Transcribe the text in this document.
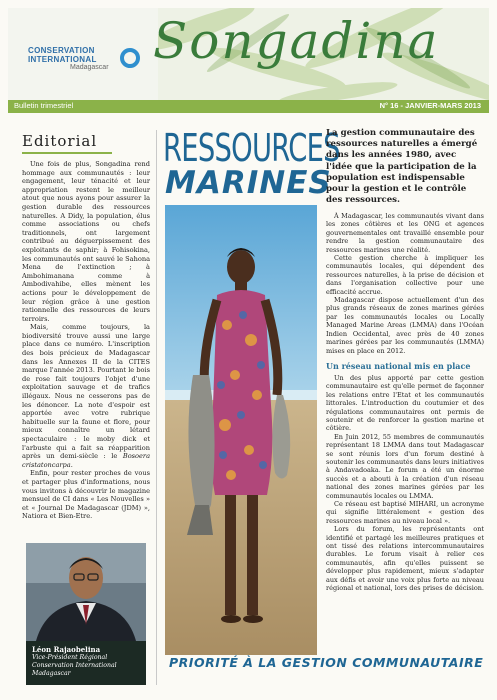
CONSERVATION
INTERNATIONAL
Madagascar Songadina
Bulletin trimestriel	N° 16 - JANVIER-MARS 2013
Editorial

Une fois de plus, Songadina rend hommage aux communautés : leur engagement, leur ténacité et leur appropriation restent le meilleur atout que nous ayons pour assurer la gestion durable des ressources naturelles. A Didy, la population, élus comme associations ou chefs traditionnels, ont largement contribué au déguerpissement des exploitants de saphir; à Fohisokina, les communautés ont sauvé le Sahona Mena de l'extinction ; à Ambohimanana comme à Ambodivahibe, elles mènent les actions pour le développement de leur région grâce à une gestion rationnelle des ressources de leurs terroirs.

Mais, comme toujours, la biodiversité trouve aussi une large place dans ce numéro. L'inscription des bois précieux de Madagascar dans les Annexes II de la CITES marque l'année 2013. Pourtant le bois de rose fait toujours l'objet d'une exploitation sauvage et de trafics illégaux. Nous ne cesserons pas de les dénoncer. La note d'espoir est apportée avec votre rubrique habituelle sur la faune et flore, pour mieux connaître un létard spectaculaire : le moby dick et l'arbuste qui a fait sa réapparition après un demi-siècle : le Bosoera cristatoncarpa.

Enfin, pour rester proches de vous et partager plus d'informations, nous vous invitons à découvrir le magazine mensuel de CI dans « Les Nouvelles » et « Journal De Madagascar (JDM) », Natiora et Bien-Etre.

Léon Rajaobelina
Vice-Président Régional
Conservation International Madagascar
RESSOURCES
MARINES
La gestion communautaire des ressources naturelles a émergé dans les années 1980, avec l'idée que la participation de la population est indispensable pour la gestion et le contrôle des ressources.

À Madagascar, les communautés vivant dans les zones côtières et les ONG et agences gouvernementales ont travaillé ensemble pour rendre la gestion communautaire des ressources marines une réalité.

Cette gestion cherche à impliquer les communautés locales, qui dépendent des ressources naturelles, à la prise de décision et dans l'organisation collective pour une efficacité accrue.

Madagascar dispose actuellement d'un des plus grands réseaux de zones marines gérées par les communautés locales ou Locally Managed Marine Areas (LMMA) dans l'Océan Indien Occidental, avec près de 40 zones marines gérées par les communautés (LMMA) mises en place en 2012.

Un réseau national mis en place

Un des plus apporté par cette gestion communautaire est qu'elle permet de façonner les relations entre l'Etat et les communautés littorales. L'introduction du coutumier et des régulations communautaires ont permis de soutenir et de renforcer la gestion marine et côtière.

En Juin 2012, 55 membres de communautés représentant 18 LMMA dans tout Madagascar se sont réunis lors d'un forum destiné à soutenir les communautés dans leurs initiatives à Andavadoaka. Le forum a été un énorme succès et a abouti à la création d'un réseau national des zones marines gérées par les communautés locales ou LMMA.

Ce réseau est baptisé MIHARI, un acronyme qui signifie littéralement « gestion des ressources marines au niveau local ».

Lors du forum, les représentants ont identifié et partagé les meilleures pratiques et ont tissé des relations intercommunautaires durables. Le forum visait à relier ces communautés, afin qu'elles puissent se développer plus rapidement, mieux s'adapter aux défis et avoir une voix plus forte au niveau régional et national, lors des prises de décision.

PRIORITÉ À LA GESTION COMMUNAUTAIRE
